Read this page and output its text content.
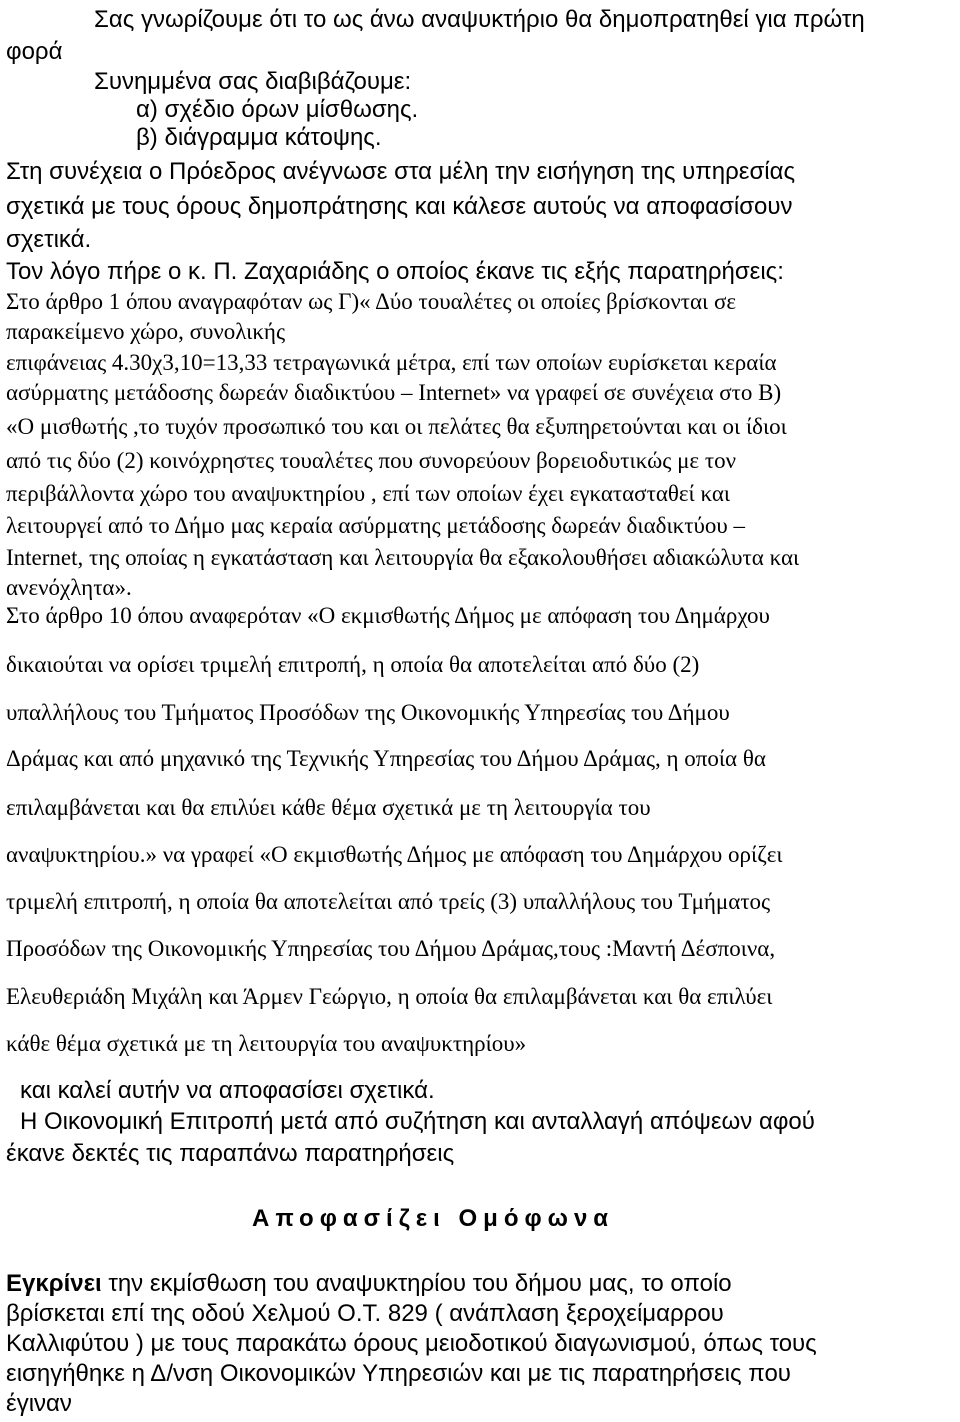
Σας γνωρίζουμε ότι το ως άνω αναψυκτήριο θα δημοπρατηθεί για πρώτη
φορά
Συνημμένα σας διαβιβάζουμε:
α) σχέδιο όρων μίσθωσης.
β) διάγραμμα κάτοψης.
Στη συνέχεια ο Πρόεδρος ανέγνωσε στα μέλη την εισήγηση της υπηρεσίας
σχετικά με τους όρους δημοπράτησης και κάλεσε αυτούς να αποφασίσουν
σχετικά.
Τον λόγο πήρε ο κ. Π. Ζαχαριάδης ο οποίος έκανε τις εξής παρατηρήσεις:
Στο άρθρο 1 όπου αναγραφόταν ως Γ)« Δύο τουαλέτες οι οποίες βρίσκονται σε
παρακείμενο χώρο, συνολικής
επιφάνειας 4.30χ3,10=13,33 τετραγωνικά μέτρα, επί των οποίων ευρίσκεται κεραία
ασύρματης μετάδοσης δωρεάν διαδικτύου – Internet» να γραφεί σε συνέχεια στο Β)
«Ο μισθωτής ,το τυχόν προσωπικό του και οι πελάτες θα εξυπηρετούνται και οι ίδιοι
από τις δύο (2) κοινόχρηστες τουαλέτες που συνορεύουν βορειοδυτικώς με τον
περιβάλλοντα χώρο του αναψυκτηρίου , επί των οποίων έχει εγκατασταθεί και
λειτουργεί από το Δήμο μας κεραία ασύρματης μετάδοσης δωρεάν διαδικτύου –
Internet, της οποίας η εγκατάσταση και λειτουργία θα εξακολουθήσει αδιακώλυτα και
ανενόχλητα».
Στο άρθρο 10 όπου αναφερόταν «Ο εκμισθωτής Δήμος με απόφαση του Δημάρχου
δικαιούται να ορίσει τριμελή επιτροπή, η οποία θα αποτελείται από δύο (2)
υπαλλήλους του Τμήματος Προσόδων της Οικονομικής Υπηρεσίας του Δήμου
Δράμας και από μηχανικό της Τεχνικής Υπηρεσίας του Δήμου Δράμας, η οποία θα
επιλαμβάνεται και θα επιλύει κάθε θέμα σχετικά με τη λειτουργία του
αναψυκτηρίου.» να γραφεί «Ο εκμισθωτής Δήμος με απόφαση του Δημάρχου ορίζει
τριμελή επιτροπή, η οποία θα αποτελείται από τρείς (3) υπαλλήλους του Τμήματος
Προσόδων της Οικονομικής Υπηρεσίας του Δήμου Δράμας,τους :Μαντή Δέσποινα,
Ελευθεριάδη Μιχάλη και Άρμεν Γεώργιο, η οποία θα επιλαμβάνεται και θα επιλύει
κάθε θέμα σχετικά με τη λειτουργία του αναψυκτηρίου»
και καλεί αυτήν να αποφασίσει σχετικά.
Η Οικονομική Επιτροπή μετά από συζήτηση και ανταλλαγή απόψεων αφού
έκανε δεκτές τις παραπάνω παρατηρήσεις
Αποφασίζει Ομόφωνα
Εγκρίνει την εκμίσθωση του αναψυκτηρίου του δήμου μας, το οποίο
βρίσκεται επί της οδού Χελμού Ο.Τ. 829 ( ανάπλαση ξεροχείμαρρου
Καλλιφύτου ) με τους παρακάτω όρους μειοδοτικού διαγωνισμού, όπως τους
εισηγήθηκε η Δ/νση Οικονομικών Υπηρεσιών και με τις παρατηρήσεις που
έγιναν
